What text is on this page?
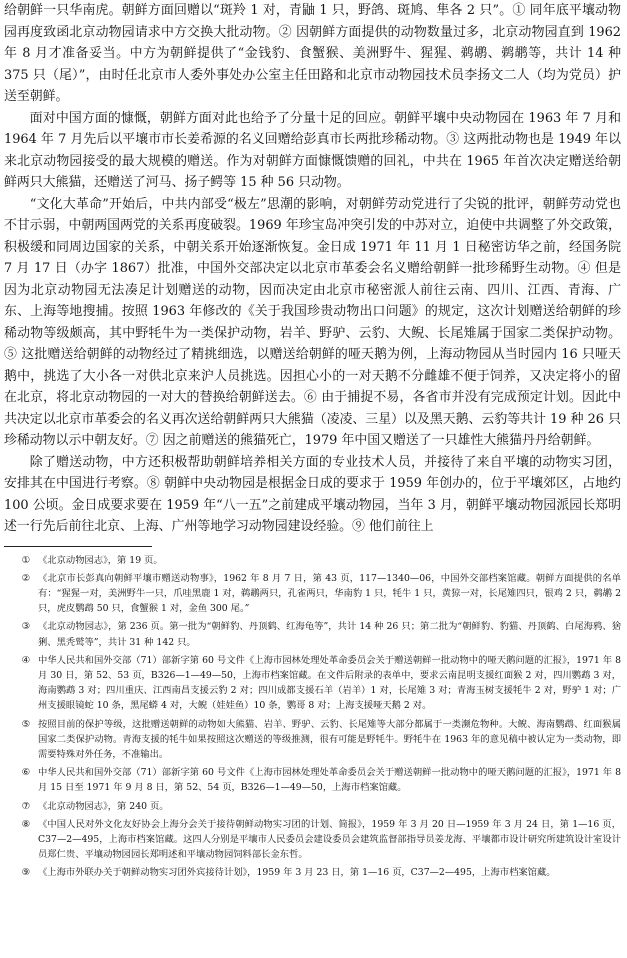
给朝鲜一只华南虎。朝鲜方面回赠以“斑羚 1 对，青鼬 1 只，野鸽、斑鸠、隼各 2 只”。① 同年底平壤动物园再度致函北京动物园请求中方交换大批动物。② 因朝鲜方面提供的动物数量过多，北京动物园直到 1962 年 8 月才准备妥当。中方为朝鲜提供了“金钱豹、食蟹猴、美洲野牛、猩猩、鹈鹕、鹈鹕等，共计 14 种 375 只（尾）”，由时任北京市人委外事处办公室主任田路和北京市动物园技术员李扬文二人（均为党员）护送至朝鲜。

面对中国方面的慷慨，朝鲜方面对此也给予了分量十足的回应。朝鲜平壤中央动物园在 1963 年 7 月和 1964 年 7 月先后以平壤市市长姜希源的名义回赠给彭真市长两批珍稀动物。③ 这两批动物也是 1949 年以来北京动物园接受的最大规模的赠送。作为对朝鲜方面慷慨馈赠的回礼，中共在 1965 年首次决定赠送给朝鲜两只大熊猫，还赠送了河马、扬子鳄等 15 种 56 只动物。

“文化大革命”开始后，中共内部受“极左”思潮的影响，对朝鲜劳动党进行了尖锐的批评，朝鲜劳动党也不甘示弱，中朝两国两党的关系再度破裂。1969 年珍宝岛冲突引发的中苏对立，迫使中共调整了外交政策，积极缓和同周边国家的关系，中朝关系开始逐渐恢复。金日成 1971 年 11 月 1 日秘密访华之前，经国务院 7 月 17 日（办字 1867）批准，中国外交部决定以北京市革委会名义赠给朝鲜一批珍稀野生动物。④ 但是因为北京动物园无法凑足计划赠送的动物，因而决定由北京市秘密派人前往云南、四川、江西、青海、广东、上海等地搜捕。按照 1963 年修改的《关于我国珍贵动物出口问题》的规定，这次计划赠送给朝鲜的珍稀动物等级颇高，其中野牦牛为一类保护动物，岩羊、野驴、云豹、大鲵、长尾雉属于国家二类保护动物。⑤ 这批赠送给朝鲜的动物经过了精挑细选，以赠送给朝鲜的哑天鹅为例，上海动物园从当时园内 16 只哑天鹅中，挑选了大小各一对供北京来沪人员挑选。因担心小的一对天鹅不分雌雄不便于饲养，又决定将小的留在北京，将北京动物园的一对大的替换给朝鲜送去。⑥ 由于捕捉不易，各省市并没有完成预定计划。因此中共决定以北京市革委会的名义再次送给朝鲜两只大熊猫（凌凌、三星）以及黑天鹅、云豹等共计 19 种 26 只珍稀动物以示中朝友好。⑦ 因之前赠送的熊猫死亡，1979 年中国又赠送了一只雄性大熊猫丹丹给朝鲜。

除了赠送动物，中方还积极帮助朝鲜培养相关方面的专业技术人员，并接待了来自平壤的动物实习团，安排其在中国进行考察。⑧ 朝鲜中央动物园是根据金日成的要求于 1959 年创办的，位于平壤郊区，占地约 100 公顷。金日成要求要在 1959 年“八一五”之前建成平壤动物园，当年 3 月，朝鲜平壤动物园派园长郑明述一行先后前往北京、上海、广州等地学习动物园建设经验。⑨ 他们前往上

① 《北京动物园志》，第 19 页。
② 《北京市长彭真向朝鲜平壤市赠送动物事》，1962 年 8 月 7 日，第 43 页，117—1340—06，中国外交部档案馆藏。朝鲜方面提供的名单有：“猩猩一对，美洲野牛一只，爪哇黑鹿 1 对，鹈鹕两只，孔雀两只，华南豹 1 只，牦牛 1 只，黄猄一对，长尾雉四只，银鸡 2 只，鹈鹕 2 只，虎皮鹦鹉 50 只，食蟹猴 1 对，金鱼 300 尾。”
③ 《北京动物园志》，第 236 页。第一批为“朝鲜豹、丹顶鹤、红海龟等”，共计 14 种 26 只；第二批为“朝鲜豹、豹猫、丹顶鹤、白尾海鸦、猞猁、黑秃鹫等”，共计 31 种 142 只。
④ 中华人民共和国外交部（71）部新字第 60 号文件《上海市园林处理处革命委员会关于赠送朝鲜一批动物中的哑天鹅问题的汇报》，1971 年 8 月 30 日，第 52、53 页，B326—1—49—50，上海市档案馆藏。在文件后附录的表单中，要求云南昆明支援红面猴 2 对，四川鹦鹉 3 对，海南鹦鹉 3 对；四川重庆、江西南昌支援云豹 2 对；四川成都支援石羊（岩羊）1 对，长尾雉 3 对；青海玉树支援牦牛 2 对，野驴 1 对；广州支援眼镜蛇 10 条，黑尾蟒 4 对，大鲵（娃娃鱼）10 条，鹦哥 8 对；上海支援哑天鹅 2 对。
⑤ 按照目前的保护等级，这批赠送朝鲜的动物如大熊猫、岩羊、野驴、云豹、长尾雉等大部分都属于一类濒危物种。大鲵、海南鹦鹉、红面猴属国家二类保护动物。青海支援的牦牛如果按照这次赠送的等级推测，很有可能是野牦牛。野牦牛在 1963 年的意见稿中被认定为一类动物，即需要特殊对外任务，不准输出。
⑥ 中华人民共和国外交部（71）部新字第 60 号文件《上海市园林处理处革命委员会关于赠送朝鲜一批动物中的哑天鹅问题的汇报》，1971 年 8 月 15 日至 1971 年 9 月 8 日，第 52、54 页，B326—1—49—50，上海市档案馆藏。
⑦ 《北京动物园志》，第 240 页。
⑧ 《中国人民对外文化友好协会上海分会关于接待朝鲜动物实习团的计划、简报》，1959 年 3 月 20 日—1959 年 3 月 24 日，第 1—16 页，C37—2—495，上海市档案馆藏。这四人分别是平壤市人民委员会建设委员会建筑监督部指导员姜龙海、平壤都市设计研究所建筑设计室设计员郑仁贵、平壤动物园园长郑明述和平壤动物园饲料部长金东哲。
⑨ 《上海市外联办关于朝鲜动物实习团外宾接待计划》，1959 年 3 月 23 日，第 1—16 页，C37—2—495，上海市档案馆藏。
